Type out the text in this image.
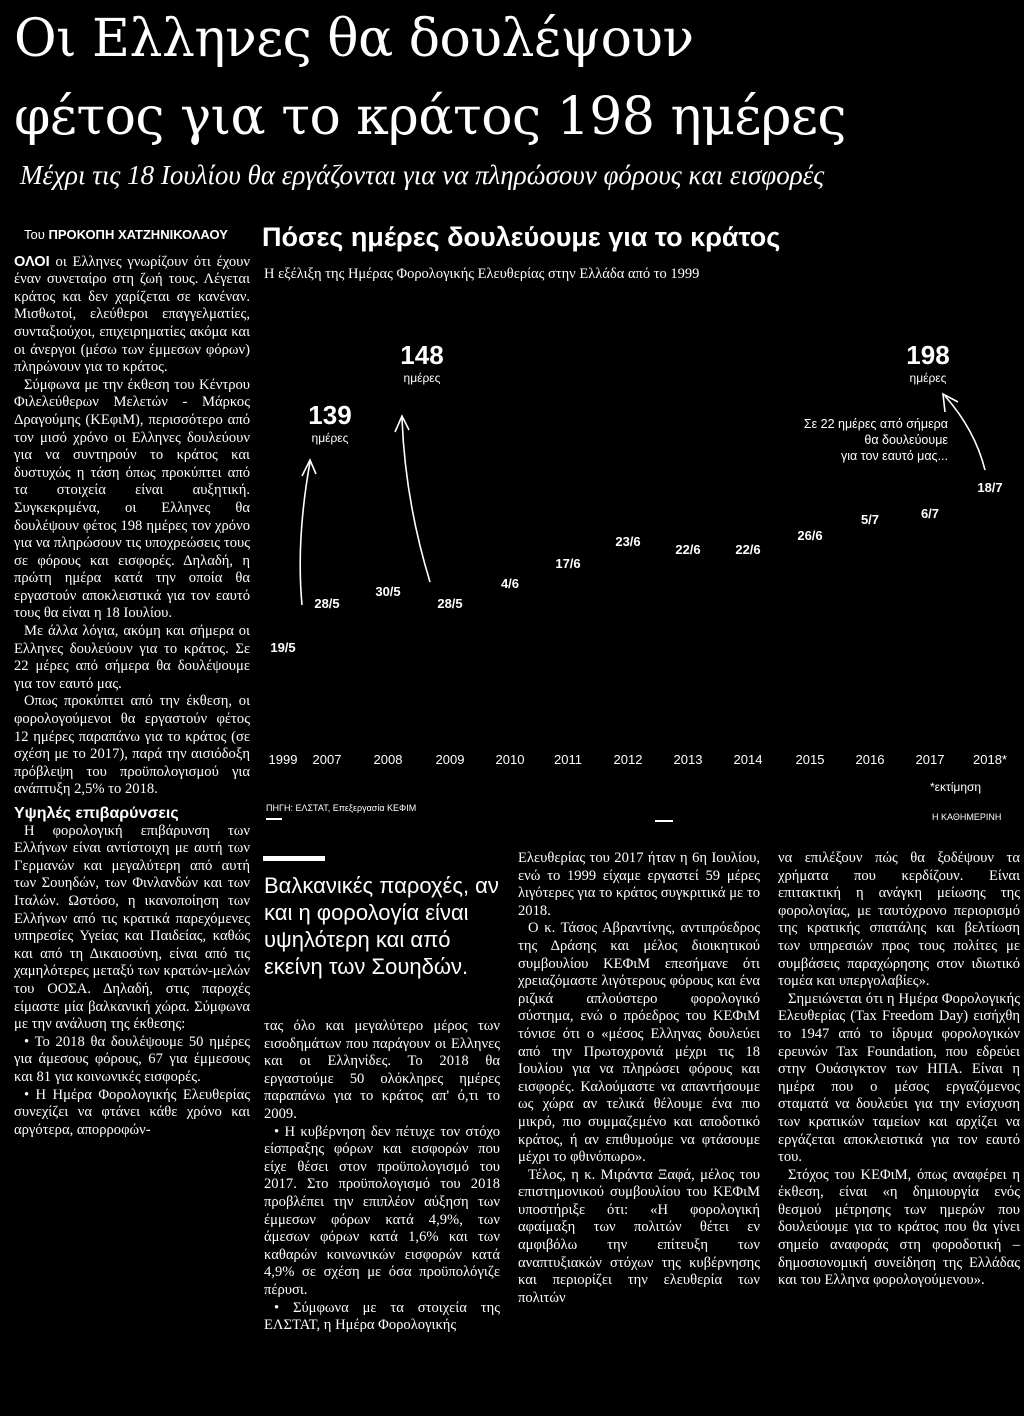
Οι Ελληνες θα δουλέψουν
φέτος για το κράτος 198 ημέρες
Μέχρι τις 18 Ιουλίου θα εργάζονται για να πληρώσουν φόρους και εισφορές

Του ΠΡΟΚΟΠΗ ΧΑΤΖΗΝΙΚΟΛΑΟΥ

ΟΛΟΙ οι Ελληνες γνωρίζουν ότι έχουν έναν συνεταίρο στη ζωή τους. Λέγεται κράτος και δεν χαρίζεται σε κανέναν. Μισθωτοί, ελεύθεροι επαγγελματίες, συνταξιούχοι, επιχειρηματίες ακόμα και οι άνεργοι (μέσω των έμμεσων φόρων) πληρώνουν για το κράτος.

Σύμφωνα με την έκθεση του Κέντρου Φιλελεύθερων Μελετών - Μάρκος Δραγούμης (ΚΕφιΜ), περισσότερο από τον μισό χρόνο οι Ελληνες δουλεύουν για να συντηρούν το κράτος και δυστυχώς η τάση όπως προκύπτει από τα στοιχεία είναι αυξητική. Συγκεκριμένα, οι Ελληνες θα δουλέψουν φέτος 198 ημέρες τον χρόνο για να πληρώσουν τις υποχρεώσεις τους σε φόρους και εισφορές. Δηλαδή, η πρώτη ημέρα κατά την οποία θα εργαστούν αποκλειστικά για τον εαυτό τους θα είναι η 18 Ιουλίου.

Με άλλα λόγια, ακόμη και σήμερα οι Ελληνες δουλεύουν για το κράτος. Σε 22 μέρες από σήμερα θα δουλέψουμε για τον εαυτό μας.

Οπως προκύπτει από την έκθεση, οι φορολογούμενοι θα εργαστούν φέτος 12 ημέρες παραπάνω για το κράτος (σε σχέση με το 2017), παρά την αισιόδοξη πρόβλεψη του προϋπολογισμού για ανάπτυξη 2,5% το 2018.

Υψηλές επιβαρύνσεις

Η φορολογική επιβάρυνση των Ελλήνων είναι αντίστοιχη με αυτή των Γερμανών και μεγαλύτερη από αυτή των Σουηδών, των Φινλανδών και των Ιταλών. Ωστόσο, η ικανοποίηση των Ελλήνων από τις κρατικά παρεχόμενες υπηρεσίες Υγείας και Παιδείας, καθώς και από τη Δικαιοσύνη, είναι από τις χαμηλότερες μεταξύ των κρατών-μελών του ΟΟΣΑ. Δηλαδή, στις παροχές είμαστε μία βαλκανική χώρα. Σύμφωνα με την ανάλυση της έκθεσης:

• Το 2018 θα δουλέψουμε 50 ημέρες για άμεσους φόρους, 67 για έμμεσους και 81 για κοινωνικές εισφορές.

• Η Ημέρα Φορολογικής Ελευθερίας συνεχίζει να φτάνει κάθε χρόνο και αργότερα, απορροφών-

Πόσες ημέρες δουλεύουμε για το κράτος
Η εξέλιξη της Ημέρας Φορολογικής Ελευθερίας στην Ελλάδα από το 1999
139
ημέρες
148
ημέρες
198
ημέρες
Σε 22 ημέρες από σήμερα
θα δουλεύουμε
για τον εαυτό μας...
19/5
28/5
30/5
28/5
4/6
17/6
23/6
22/6	22/6
26/6
5/7	6/7
18/7
1999 2007 2008	2009 2010 2011 2012 2013 2014	2015 2016 2017 2018*
ΠΗΓΗ: ΕΛΣΤΑΤ, Επεξεργασία ΚΕΦΙΜ
*εκτίμηση
Η ΚΑΘΗΜΕΡΙΝΗ
Βαλκανικές παροχές, αν και η φορολογία είναι υψηλότερη και από εκείνη των Σουηδών.

τας όλο και μεγαλύτερο μέρος των εισοδημάτων που παράγουν οι Ελληνες και οι Ελληνίδες. Το 2018 θα εργαστούμε 50 ολόκληρες ημέρες παραπάνω για το κράτος απ' ό,τι το 2009.

• Η κυβέρνηση δεν πέτυχε τον στόχο είσπραξης φόρων και εισφορών που είχε θέσει στον προϋπολογισμό του 2017. Στο προϋπολογισμό του 2018 προβλέπει την επιπλέον αύξηση των έμμεσων φόρων κατά 4,9%, των άμεσων φόρων κατά 1,6% και των καθαρών κοινωνικών εισφορών κατά 4,9% σε σχέση με όσα προϋπολόγιζε πέρυσι.

• Σύμφωνα με τα στοιχεία της ΕΛΣΤΑΤ, η Ημέρα Φορολογικής

Ελευθερίας του 2017 ήταν η 6η Ιουλίου, ενώ το 1999 είχαμε εργαστεί 59 μέρες λιγότερες για το κράτος συγκριτικά με το 2018.

Ο κ. Τάσος Αβραντίνης, αντιπρόεδρος της Δράσης και μέλος διοικητικού συμβουλίου ΚΕΦιΜ επεσήμανε ότι χρειαζόμαστε λιγότερους φόρους και ένα ριζικά απλούστερο φορολογικό σύστημα, ενώ ο πρόεδρος του ΚΕΦιΜ τόνισε ότι ο «μέσος Ελληνας δουλεύει από την Πρωτοχρονιά μέχρι τις 18 Ιουλίου για να πληρώσει φόρους και εισφορές. Καλούμαστε να απαντήσουμε ως χώρα αν τελικά θέλουμε ένα πιο μικρό, πιο συμμαζεμένο και αποδοτικό κράτος, ή αν επιθυμούμε να φτάσουμε μέχρι το φθινόπωρο».

Τέλος, η κ. Μιράντα Ξαφά, μέλος του επιστημονικού συμβουλίου του ΚΕΦιΜ υποστήριξε ότι: «Η φορολογική αφαίμαξη των πολιτών θέτει εν αμφιβόλω την επίτευξη των αναπτυξιακών στόχων της κυβέρνησης και περιορίζει την ελευθερία των πολιτών

να επιλέξουν πώς θα ξοδέψουν τα χρήματα που κερδίζουν. Είναι επιτακτική η ανάγκη μείωσης της φορολογίας, με ταυτόχρονο περιορισμό της κρατικής σπατάλης και βελτίωση των υπηρεσιών προς τους πολίτες με συμβάσεις παραχώρησης στον ιδιωτικό τομέα και υπεργολαβίες».

Σημειώνεται ότι η Ημέρα Φορολογικής Ελευθερίας (Tax Freedom Day) εισήχθη το 1947 από το ίδρυμα φορολογικών ερευνών Tax Foundation, που εδρεύει στην Ουάσιγκτον των ΗΠΑ. Είναι η ημέρα που ο μέσος εργαζόμενος σταματά να δουλεύει για την ενίσχυση των κρατικών ταμείων και αρχίζει να εργάζεται αποκλειστικά για τον εαυτό του.

Στόχος του ΚΕΦιΜ, όπως αναφέρει η έκθεση, είναι «η δημιουργία ενός θεσμού μέτρησης των ημερών που δουλεύουμε για το κράτος που θα γίνει σημείο αναφοράς στη φοροδοτική – δημοσιονομική συνείδηση της Ελλάδας και του Ελληνα φορολογούμενου».
